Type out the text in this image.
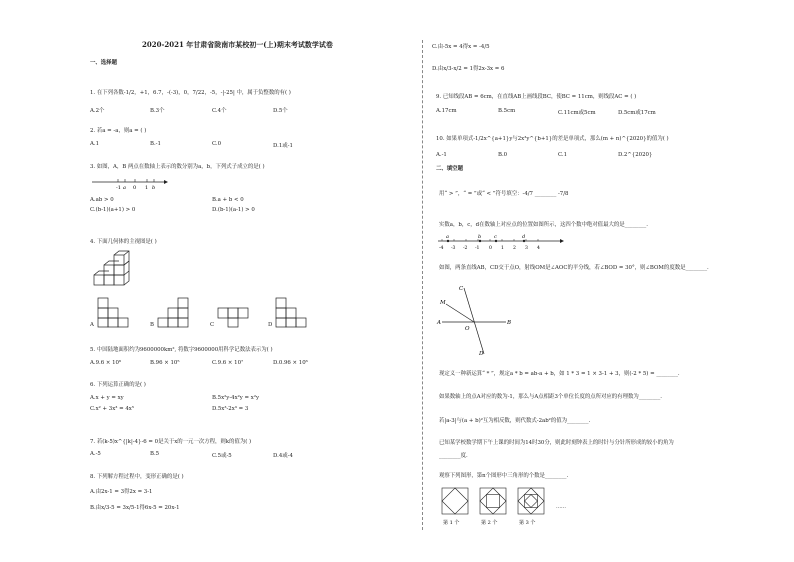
2020-2021 年甘肃省陇南市某校初一(上)期末考试数学试卷
一、选择题
1. 在下列各数-1/2，+1，6.7，-(-3)，0，7/22，-5，-|-25| 中，属于负整数的有( )
A.2个	B.3个	C.4个	D.5个
2. 若a = -a，则a = ( )
A.1	B.-1	C.0	D.1或-1
3. 如图，A，B 两点在数轴上表示的数分别为a，b，下列式子成立的是( )
-1 a 0 1 b
A.ab > 0	B.a + b < 0
C.(b-1)(a+1) > 0	D.(b-1)(a-1) > 0
4. 下面几何体的主视图是( )
A	B	C	D
5. 中国陆地面积约为9600000km², 将数字9600000用科学记数法表示为( )
A.9.6 × 10⁶	B.96 × 10⁵	C.9.6 × 10⁷	D.0.96 × 10⁶
6. 下列运算正确的是( )
A.x + y = xy	B.5x²y-4x²y = x²y
C.x² + 3x³ = 4x⁵	D.5x³-2x³ = 3
7. 若(k-5)x^{|k|-4}-6 = 0是关于x的一元一次方程，则k的值为( )
A.-5	B.5	C.5或-5	D.4或-4
8. 下列解方程过程中，变形正确的是( )
A.由2x-1 = 3得2x = 3-1
B.由x/3-5 = 3x/5-1得6x-5 = 20x-1
C.由-5x = 4得x = -4/5
D.由x/3-x/2 = 1得2x-3x = 6
9. 已知线段AB = 6cm，在直线AB上画线段BC，使BC = 11cm，则线段AC = ( )
A.17cm	B.5cm	C.11cm或5cm	D.5cm或17cm
10. 如果单项式-1/2x^{a+1}y与2x³y^{b+1}的差是单项式，那么(m + n)^{2020}的值为( )
A.-1	B.0	C.1	D.2^{2020}
二、填空题
用“ > ”，“ = ”或“ < ”符号填空：-4/7 ________ -7/8
实数a，b，c，d在数轴上对应点的位置如图所示，这四个数中绝对值最大的是________.
a	b	c	d
-4 -3 -2 -1 0 1 2 3 4
如图，两条直线AB，CD交于点O，射线OM是∠AOC的平分线，若∠BOD = 30°，则∠BOM的度数是________.
A	B
C
D
M
O
现定义一种新运算“ * ”，规定a * b = ab-a + b，如 1 * 3 = 1 × 3-1 + 3，则(-2 * 5) = ________.
如果数轴上的点A对应的数为-1，那么与A点相距3个单位长度的点所对应的有理数为________.
若|a-3|与(a + b)²互为相反数，则代数式-2ab²的值为________.
已知某学校数学期下午上课的时间为14时30分，则此时刻钟表上的时针与分针所形成的较小的角为
________度.
观察下列图形，第n个图形中三角形的个数是________.
第 1 个	第 2 个	第 3 个
……
